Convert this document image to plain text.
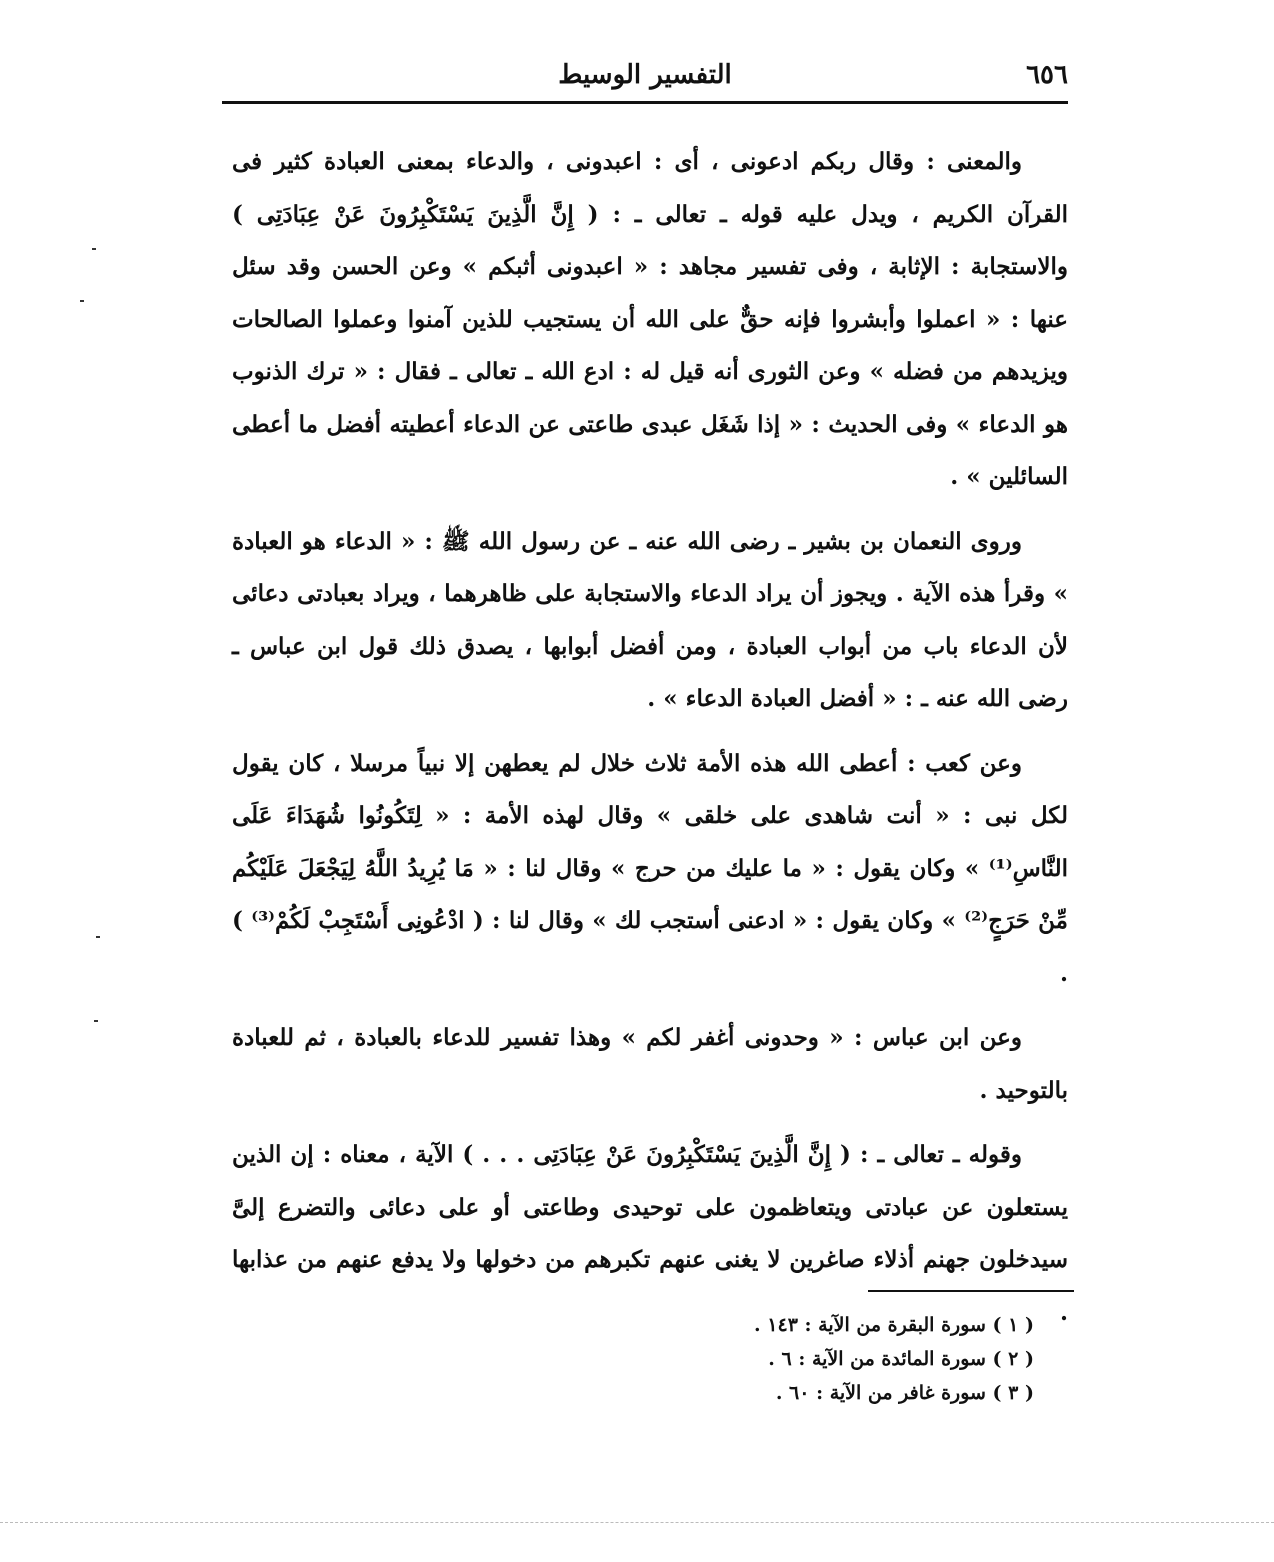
٦٥٦
التفسير الوسيط

والمعنى : وقال ربكم ادعونى ، أى : اعبدونى ، والدعاء بمعنى العبادة كثير فى القرآن الكريم ، ويدل عليه قوله ـ تعالى ـ : ( إِنَّ الَّذِينَ يَسْتَكْبِرُونَ عَنْ عِبَادَتِى ) والاستجابة : الإثابة ، وفى تفسير مجاهد : « اعبدونى أثبكم » وعن الحسن وقد سئل عنها : « اعملوا وأبشروا فإنه حقٌّ على الله أن يستجيب للذين آمنوا وعملوا الصالحات ويزيدهم من فضله » وعن الثورى أنه قيل له : ادع الله ـ تعالى ـ فقال : « ترك الذنوب هو الدعاء » وفى الحديث : « إذا شَغَل عبدى طاعتى عن الدعاء أعطيته أفضل ما أعطى السائلين » .

وروى النعمان بن بشير ـ رضى الله عنه ـ عن رسول الله ﷺ : « الدعاء هو العبادة » وقرأ هذه الآية . ويجوز أن يراد الدعاء والاستجابة على ظاهرهما ، ويراد بعبادتى دعائى لأن الدعاء باب من أبواب العبادة ، ومن أفضل أبوابها ، يصدق ذلك قول ابن عباس ـ رضى الله عنه ـ : « أفضل العبادة الدعاء » .

وعن كعب : أعطى الله هذه الأمة ثلاث خلال لم يعطهن إلا نبياً مرسلا ، كان يقول لكل نبى : « أنت شاهدى على خلقى » وقال لهذه الأمة : « لِتَكُونُوا شُهَدَاءَ عَلَى النَّاسِ⁽¹⁾ » وكان يقول : « ما عليك من حرج » وقال لنا : « مَا يُرِيدُ اللَّهُ لِيَجْعَلَ عَلَيْكُم مِّنْ حَرَجٍ⁽²⁾ » وكان يقول : « ادعنى أستجب لك » وقال لنا : ( ادْعُونِى أَسْتَجِبْ لَكُمْ⁽³⁾ ) .

وعن ابن عباس : « وحدونى أغفر لكم » وهذا تفسير للدعاء بالعبادة ، ثم للعبادة بالتوحيد .

وقوله ـ تعالى ـ : ( إِنَّ الَّذِينَ يَسْتَكْبِرُونَ عَنْ عِبَادَتِى . . . ) الآية ، معناه : إن الذين يستعلون عن عبادتى ويتعاظمون على توحيدى وطاعتى أو على دعائى والتضرع إلىَّ سيدخلون جهنم أذلاء صاغرين لا يغنى عنهم تكبرهم من دخولها ولا يدفع عنهم من عذابها .

( ١ ) سورة البقرة من الآية : ١٤٣ .
( ٢ ) سورة المائدة من الآية : ٦ .
( ٣ ) سورة غافر من الآية : ٦٠ .
